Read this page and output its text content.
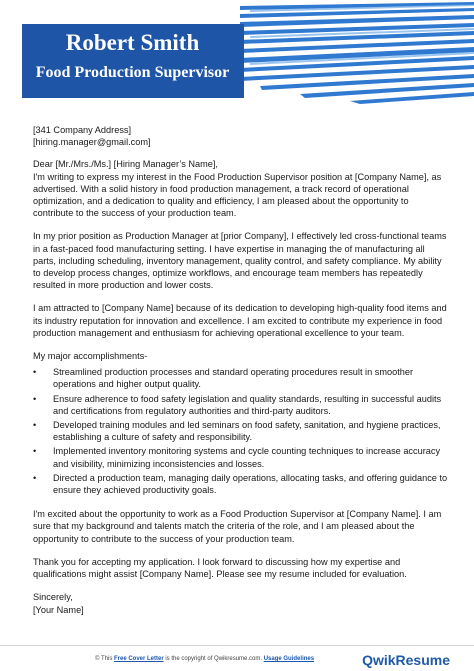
Robert Smith
Food Production Supervisor

[341 Company Address]

[hiring.manager@gmail.com]

Dear [Mr./Mrs./Ms.] [Hiring Manager’s Name],

I'm writing to express my interest in the Food Production Supervisor position at [Company Name], as advertised. With a solid history in food production management, a track record of operational optimization, and a dedication to quality and efficiency, I am pleased about the opportunity to contribute to the success of your production team.

In my prior position as Production Manager at [prior Company], I effectively led cross-functional teams in a fast-paced food manufacturing setting. I have expertise in managing the of manufacturing all parts, including scheduling, inventory management, quality control, and safety compliance. My ability to develop process changes, optimize workflows, and encourage team members has repeatedly resulted in more production and lower costs.

I am attracted to [Company Name] because of its dedication to developing high-quality food items and its industry reputation for innovation and excellence. I am excited to contribute my experience in food production management and enthusiasm for achieving operational excellence to your team.

My major accomplishments-

•	Streamlined production processes and standard operating procedures result in smoother operations and higher output quality.
•	Ensure adherence to food safety legislation and quality standards, resulting in successful audits and certifications from regulatory authorities and third-party auditors.
•	Developed training modules and led seminars on food safety, sanitation, and hygiene practices, establishing a culture of safety and responsibility.
•	Implemented inventory monitoring systems and cycle counting techniques to increase accuracy and visibility, minimizing inconsistencies and losses.
•	Directed a production team, managing daily operations, allocating tasks, and offering guidance to ensure they achieved productivity goals.

I'm excited about the opportunity to work as a Food Production Supervisor at [Company Name]. I am sure that my background and talents match the criteria of the role, and I am pleased about the opportunity to contribute to the success of your production team.

Thank you for accepting my application. I look forward to discussing how my expertise and qualifications might assist [Company Name]. Please see my resume included for evaluation.

Sincerely,

[Your Name]

© This Free Cover Letter is the copyright of Qwikresume.com. Usage Guidelines	QwikResume
